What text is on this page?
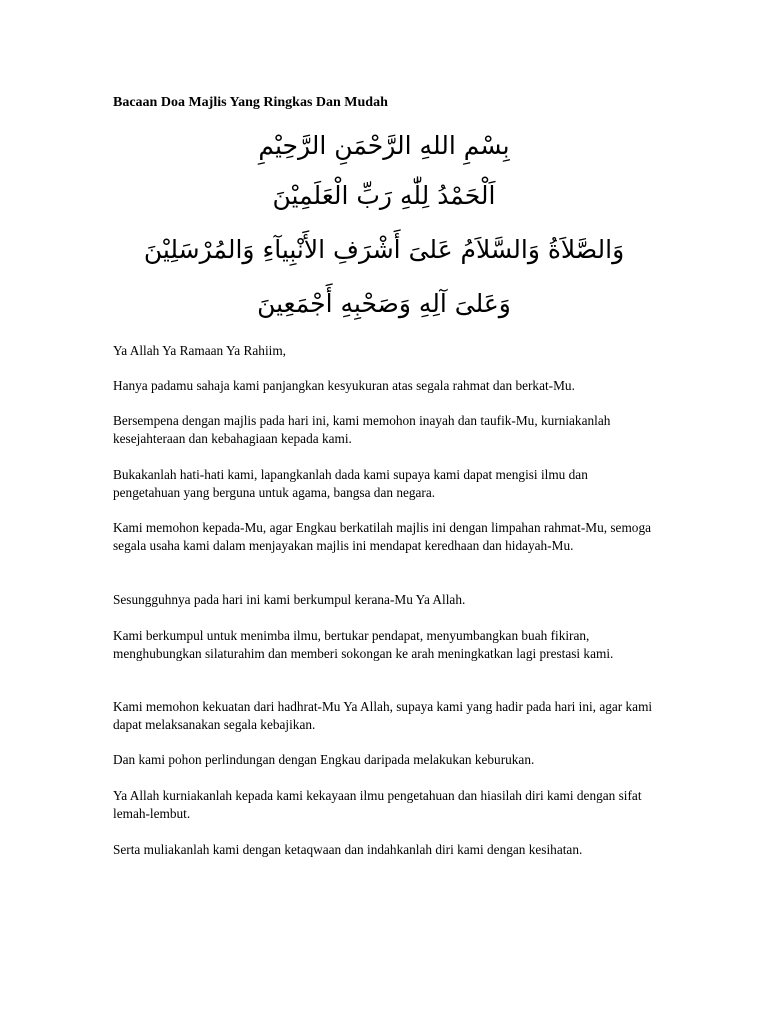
Bacaan Doa Majlis Yang Ringkas Dan Mudah
بِسْمِ اللهِ الرَّحْمَنِ الرَّحِيْمِ
اَلْحَمْدُ لِلّٰهِ رَبِّ الْعَلَمِيْنَ
وَالصَّلاَةُ وَالسَّلاَمُ عَلىَ أَشْرَفِ الأَنْبِيآءِ وَالمُرْسَلِيْنَ
وَعَلىَ آلِهِ وَصَحْبِهِ أَجْمَعِينَ
Ya Allah Ya Ramaan Ya Rahiim,
Hanya padamu sahaja kami panjangkan kesyukuran atas segala rahmat dan berkat-Mu.
Bersempena dengan majlis pada hari ini, kami memohon inayah dan taufik-Mu, kurniakanlah kesejahteraan dan kebahagiaan kepada kami.
Bukakanlah hati-hati kami, lapangkanlah dada kami supaya kami dapat mengisi ilmu dan pengetahuan yang berguna untuk agama, bangsa dan negara.
Kami memohon kepada-Mu, agar Engkau berkatilah majlis ini dengan limpahan rahmat-Mu, semoga segala usaha kami dalam menjayakan majlis ini mendapat keredhaan dan hidayah-Mu.
Sesungguhnya pada hari ini kami berkumpul kerana-Mu Ya Allah.
Kami berkumpul untuk menimba ilmu, bertukar pendapat, menyumbangkan buah fikiran, menghubungkan silaturahim dan memberi sokongan ke arah meningkatkan lagi prestasi kami.
Kami memohon kekuatan dari hadhrat-Mu Ya Allah, supaya kami yang hadir pada hari ini, agar kami dapat melaksanakan segala kebajikan.
Dan kami pohon perlindungan dengan Engkau daripada melakukan keburukan.
Ya Allah kurniakanlah kepada kami kekayaan ilmu pengetahuan dan hiasilah diri kami dengan sifat lemah-lembut.
Serta muliakanlah kami dengan ketaqwaan dan indahkanlah diri kami dengan kesihatan.
